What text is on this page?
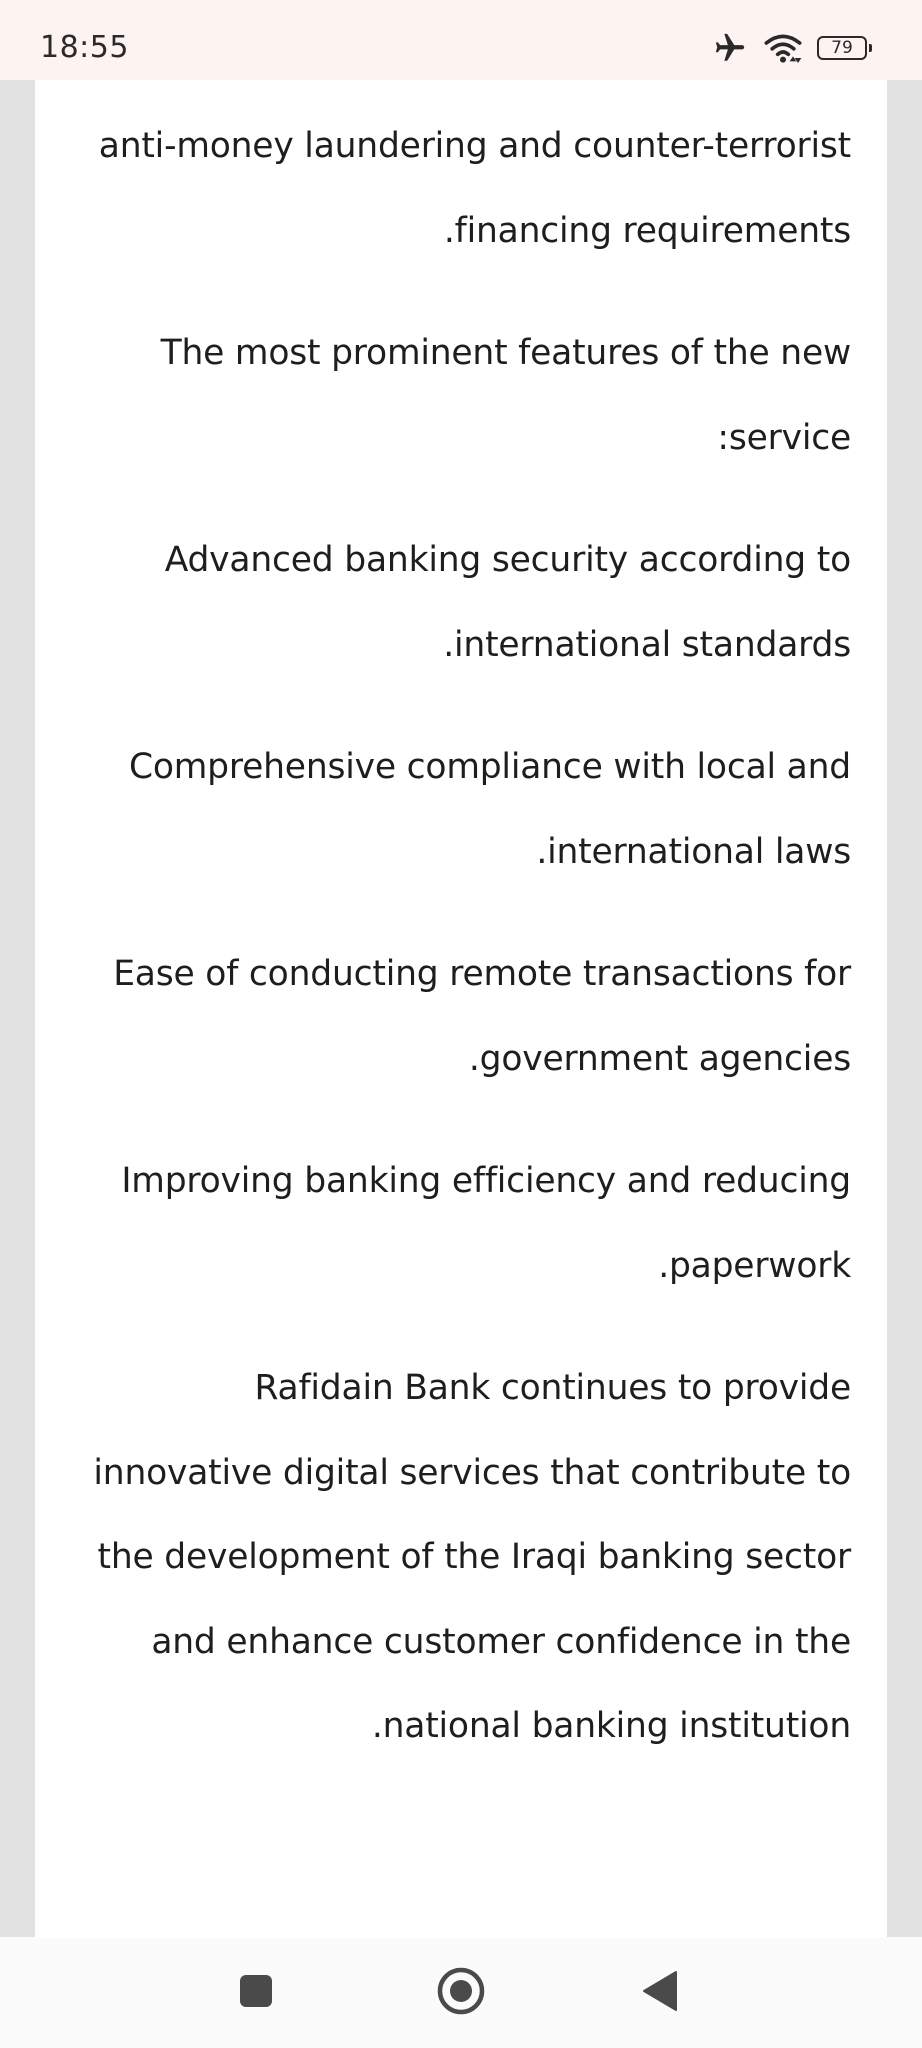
18:55	79

anti-money laundering and counter-terrorist
.financing requirements

The most prominent features of the new
:service

Advanced banking security according to
.international standards

Comprehensive compliance with local and
.international laws

Ease of conducting remote transactions for
.government agencies

Improving banking efficiency and reducing
.paperwork

Rafidain Bank continues to provide
innovative digital services that contribute to
the development of the Iraqi banking sector
and enhance customer confidence in the
.national banking institution
